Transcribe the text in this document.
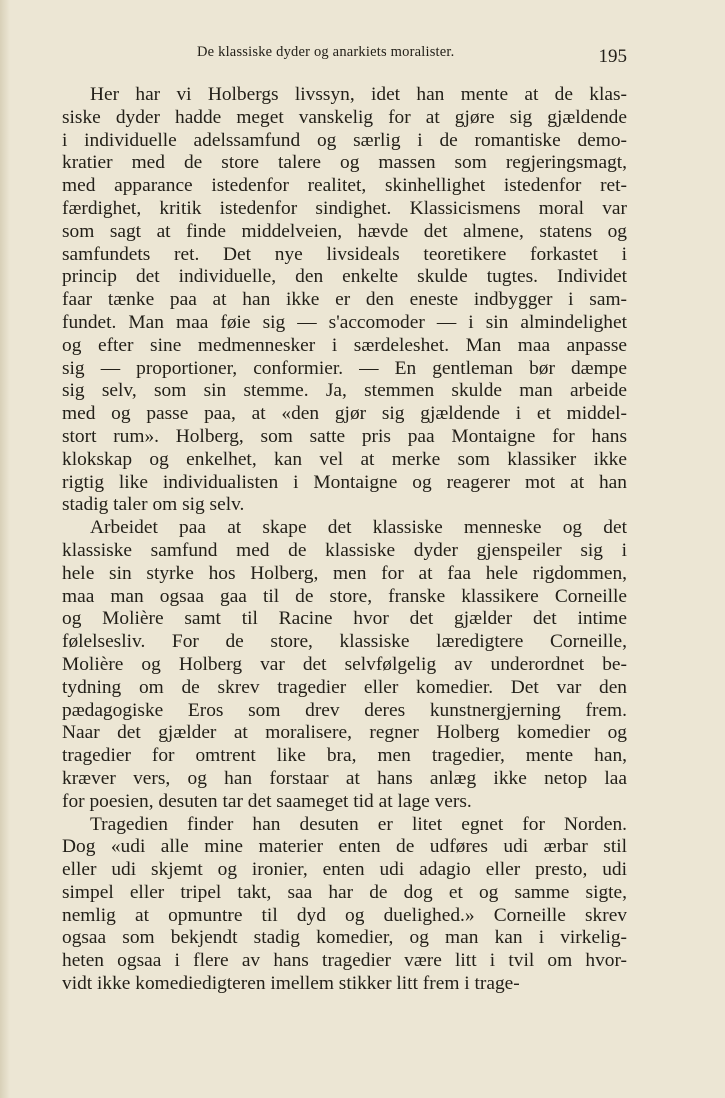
De klassiske dyder og anarkiets moralister.	195
Her har vi Holbergs livssyn, idet han mente at de klas-
siske dyder hadde meget vanskelig for at gjøre sig gjældende
i individuelle adelssamfund og særlig i de romantiske demo-
kratier med de store talere og massen som regjeringsmagt,
med apparance istedenfor realitet, skinhellighet istedenfor ret-
færdighet, kritik istedenfor sindighet. Klassicismens moral var
som sagt at finde middelveien, hævde det almene, statens og
samfundets ret. Det nye livsideals teoretikere forkastet i
princip det individuelle, den enkelte skulde tugtes. Individet
faar tænke paa at han ikke er den eneste indbygger i sam-
fundet. Man maa føie sig — s'accomoder — i sin almindelighet
og efter sine medmennesker i særdeleshet. Man maa anpasse
sig — proportioner, conformier. — En gentleman bør dæmpe
sig selv, som sin stemme. Ja, stemmen skulde man arbeide
med og passe paa, at «den gjør sig gjældende i et middel-
stort rum». Holberg, som satte pris paa Montaigne for hans
klokskap og enkelhet, kan vel at merke som klassiker ikke
rigtig like individualisten i Montaigne og reagerer mot at han
stadig taler om sig selv.
Arbeidet paa at skape det klassiske menneske og det
klassiske samfund med de klassiske dyder gjenspeiler sig i
hele sin styrke hos Holberg, men for at faa hele rigdommen,
maa man ogsaa gaa til de store, franske klassikere Corneille
og Molière samt til Racine hvor det gjælder det intime
følelsesliv. For de store, klassiske læredigtere Corneille,
Molière og Holberg var det selvfølgelig av underordnet be-
tydning om de skrev tragedier eller komedier. Det var den
pædagogiske Eros som drev deres kunstnergjerning frem.
Naar det gjælder at moralisere, regner Holberg komedier og
tragedier for omtrent like bra, men tragedier, mente han,
kræver vers, og han forstaar at hans anlæg ikke netop laa
for poesien, desuten tar det saameget tid at lage vers.
Tragedien finder han desuten er litet egnet for Norden.
Dog «udi alle mine materier enten de udføres udi ærbar stil
eller udi skjemt og ironier, enten udi adagio eller presto, udi
simpel eller tripel takt, saa har de dog et og samme sigte,
nemlig at opmuntre til dyd og duelighed.» Corneille skrev
ogsaa som bekjendt stadig komedier, og man kan i virkelig-
heten ogsaa i flere av hans tragedier være litt i tvil om hvor-
vidt ikke komediedigteren imellem stikker litt frem i trage-
